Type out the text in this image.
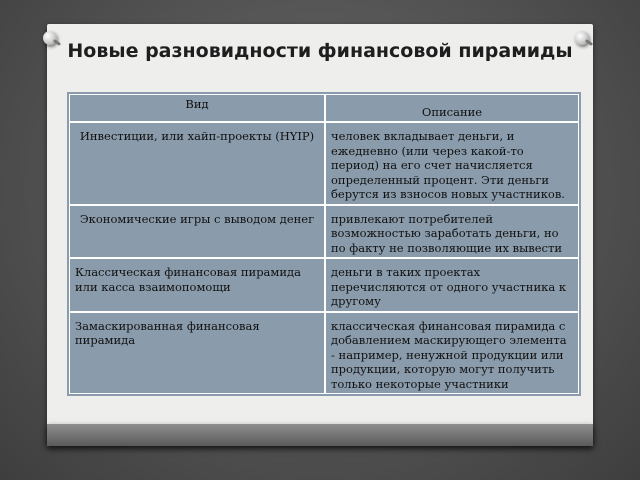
Новые разновидности финансовой пирамиды
Вид	Описание
Инвестиции, или хайп-проекты (HYIP)	человек вкладывает деньги, и ежедневно (или через какой-то период) на его счет начисляется определенный процент. Эти деньги берутся из взносов новых участников.
Экономические игры с выводом денег	привлекают потребителей возможностью заработать деньги, но по факту не позволяющие их вывести
Классическая финансовая пирамида или касса взаимопомощи	деньги в таких проектах перечисляются от одного участника к другому
Замаскированная финансовая пирамида	классическая финансовая пирамида с добавлением маскирующего элемента - например, ненужной продукции или продукции, которую могут получить только некоторые участники
